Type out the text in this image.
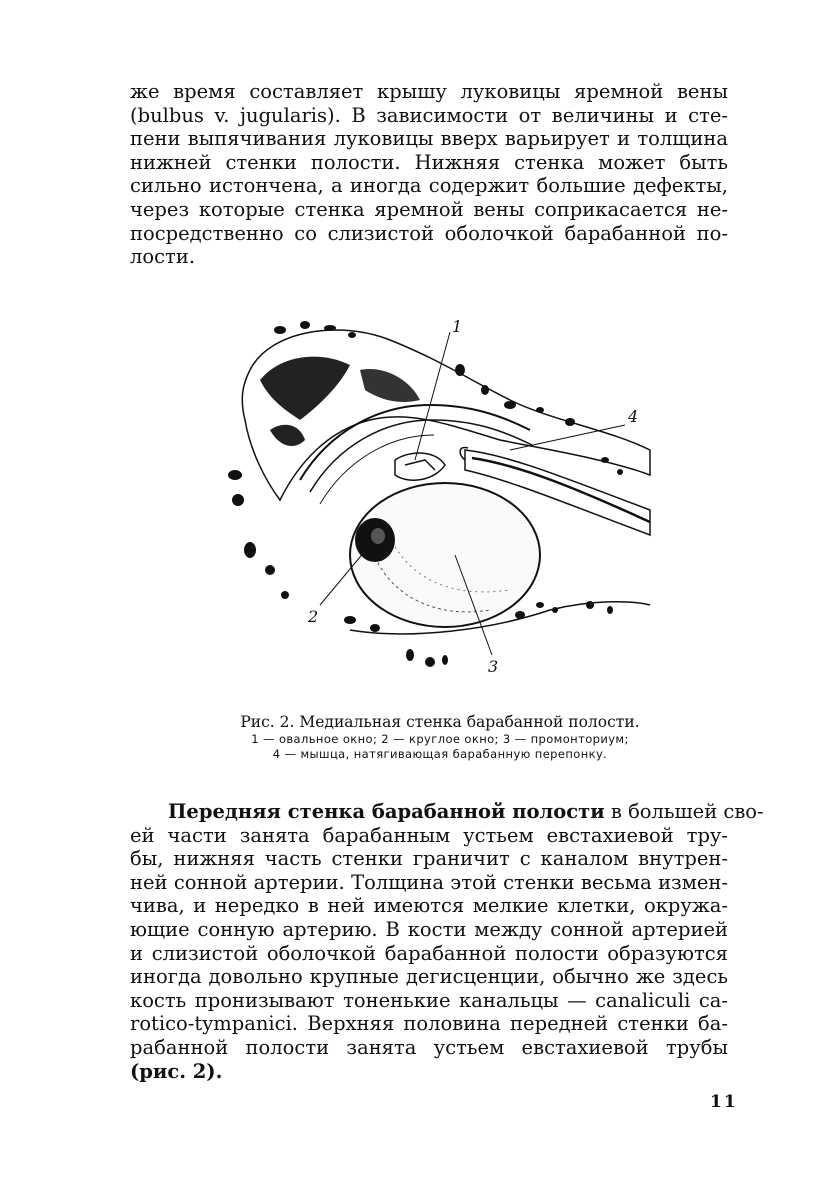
же время составляет крышу луковицы яремной вены
(bulbus v. jugularis). В зависимости от величины и сте-
пени выпячивания луковицы вверх варьирует и толщина
нижней стенки полости. Нижняя стенка может быть
сильно истончена, а иногда содержит большие дефекты,
через которые стенка яремной вены соприкасается не-
посредственно со слизистой оболочкой барабанной по-
лости.
1
2
3
4
Рис. 2. Медиальная стенка барабанной полости.
1 — овальное окно; 2 — круглое окно; 3 — промонториум;
4 — мышца, натягивающая барабанную перепонку.
Передняя стенка барабанной полости в большей сво-
ей части занята барабанным устьем евстахиевой тру-
бы, нижняя часть стенки граничит с каналом внутрен-
ней сонной артерии. Толщина этой стенки весьма измен-
чива, и нередко в ней имеются мелкие клетки, окружа-
ющие сонную артерию. В кости между сонной артерией
и слизистой оболочкой барабанной полости образуются
иногда довольно крупные дегисценции, обычно же здесь
кость пронизывают тоненькие канальцы — canaliculi ca-
roticо-tympanici. Верхняя половина передней стенки ба-
рабанной полости занята устьем евстахиевой трубы
(рис. 2).
11
